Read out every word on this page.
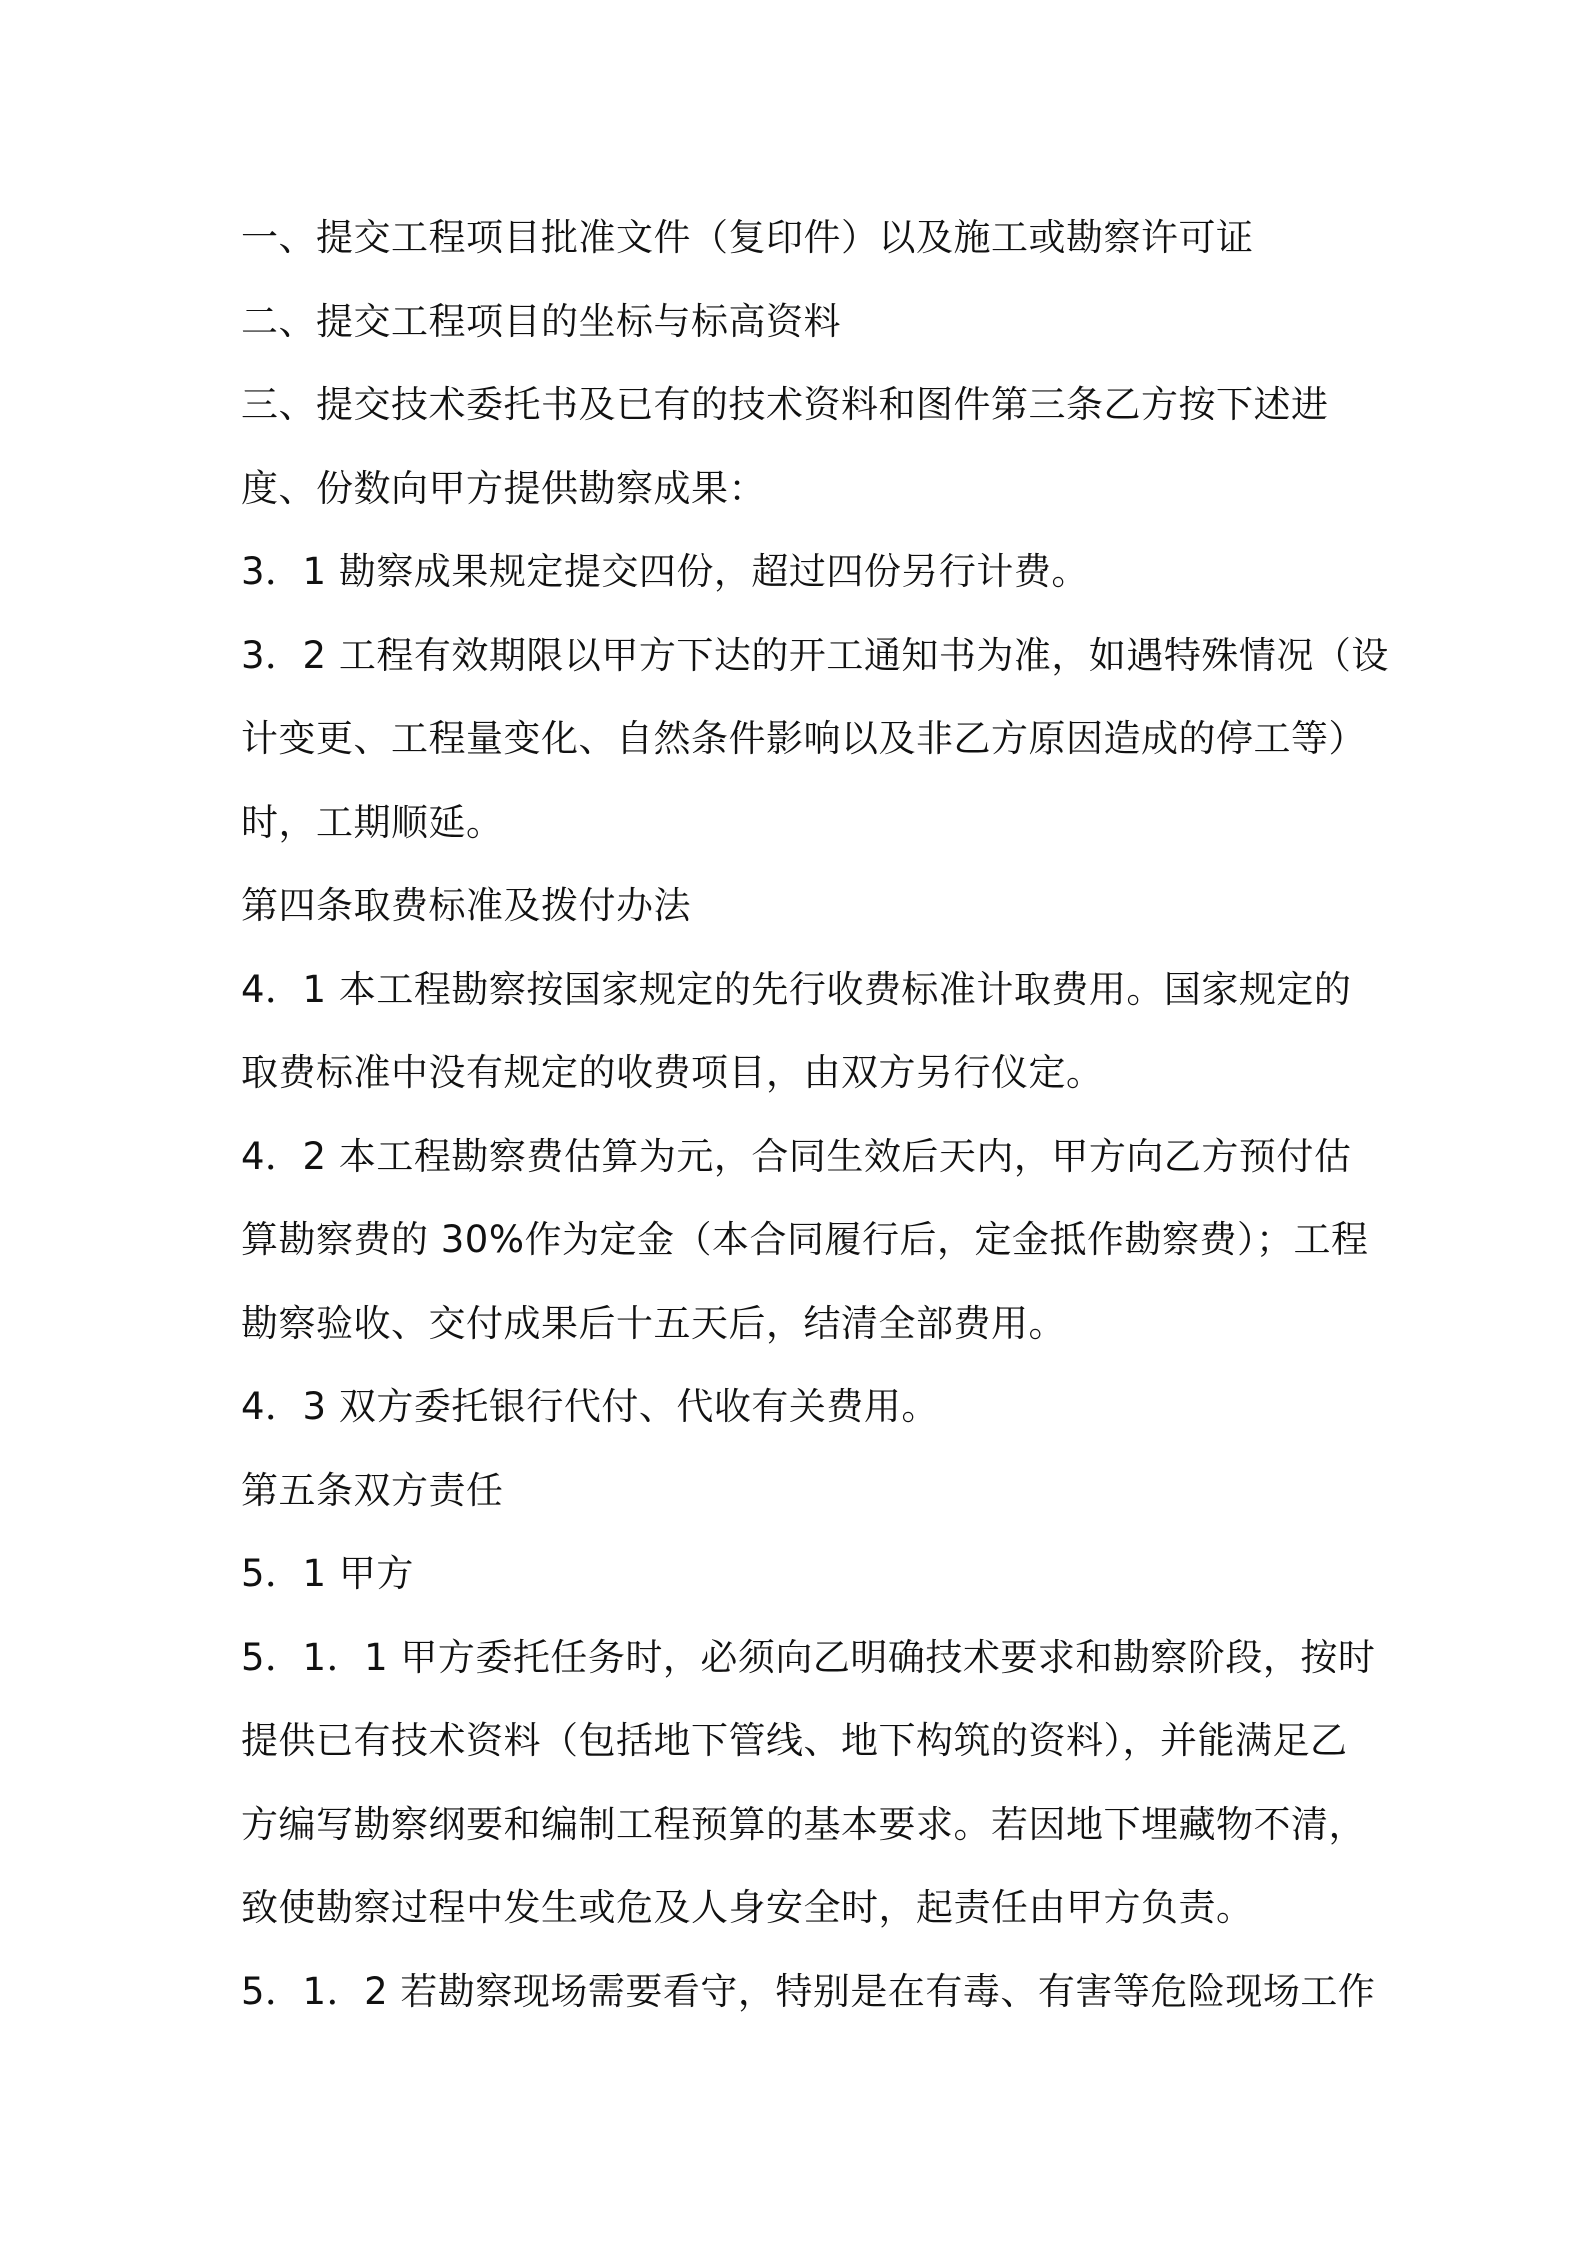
一、提交工程项目批准文件（复印件）以及施工或勘察许可证
二、提交工程项目的坐标与标高资料
三、提交技术委托书及已有的技术资料和图件第三条乙方按下述进
度、份数向甲方提供勘察成果：
3．1 勘察成果规定提交四份，超过四份另行计费。
3．2 工程有效期限以甲方下达的开工通知书为准，如遇特殊情况（设
计变更、工程量变化、自然条件影响以及非乙方原因造成的停工等）
时，工期顺延。
第四条取费标准及拨付办法
4．1 本工程勘察按国家规定的先行收费标准计取费用。国家规定的
取费标准中没有规定的收费项目，由双方另行仪定。
4．2 本工程勘察费估算为元，合同生效后天内，甲方向乙方预付估
算勘察费的 30%作为定金（本合同履行后，定金抵作勘察费）；工程
勘察验收、交付成果后十五天后，结清全部费用。
4．3 双方委托银行代付、代收有关费用。
第五条双方责任
5．1 甲方
5．1．1 甲方委托任务时，必须向乙明确技术要求和勘察阶段，按时
提供已有技术资料（包括地下管线、地下构筑的资料），并能满足乙
方编写勘察纲要和编制工程预算的基本要求。若因地下埋藏物不清，
致使勘察过程中发生或危及人身安全时，起责任由甲方负责。
5．1．2 若勘察现场需要看守，特别是在有毒、有害等危险现场工作
